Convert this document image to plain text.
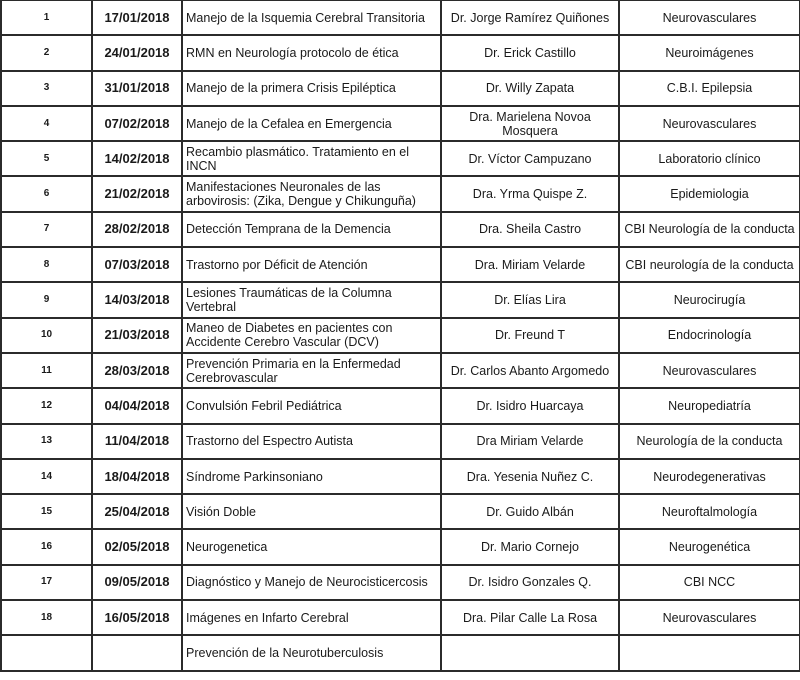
1	17/01/2018	Manejo de la Isquemia Cerebral Transitoria	Dr. Jorge Ramírez Quiñones	Neurovasculares
2	24/01/2018	RMN en Neurología protocolo de ética	Dr. Erick Castillo	Neuroimágenes
3	31/01/2018	Manejo de la primera Crisis Epiléptica	Dr. Willy Zapata	C.B.I. Epilepsia
4	07/02/2018	Manejo de la Cefalea en Emergencia	Dra. Marielena Novoa Mosquera	Neurovasculares
5	14/02/2018	Recambio plasmático. Tratamiento en el INCN	Dr. Víctor Campuzano	Laboratorio clínico
6	21/02/2018	Manifestaciones Neuronales de las arbovirosis: (Zika, Dengue y Chikunguña)	Dra. Yrma Quispe Z.	Epidemiologia
7	28/02/2018	Detección Temprana de la Demencia	Dra. Sheila Castro	CBI Neurología de la conducta
8	07/03/2018	Trastorno por Déficit de Atención	Dra. Miriam Velarde	CBI neurología de la conducta
9	14/03/2018	Lesiones Traumáticas de la Columna Vertebral	Dr. Elías Lira	Neurocirugía
10	21/03/2018	Maneo de Diabetes en pacientes con Accidente Cerebro Vascular (DCV)	Dr. Freund T	Endocrinología
11	28/03/2018	Prevención Primaria en la Enfermedad Cerebrovascular	Dr. Carlos Abanto Argomedo	Neurovasculares
12	04/04/2018	Convulsión Febril Pediátrica	Dr. Isidro Huarcaya	Neuropediatría
13	11/04/2018	Trastorno del Espectro Autista	Dra Miriam Velarde	Neurología de la conducta
14	18/04/2018	Síndrome Parkinsoniano	Dra. Yesenia Nuñez C.	Neurodegenerativas
15	25/04/2018	Visión Doble	Dr. Guido Albán	Neuroftalmología
16	02/05/2018	Neurogenetica	Dr. Mario Cornejo	Neurogenética
17	09/05/2018	Diagnóstico y Manejo de Neurocisticercosis	Dr. Isidro Gonzales Q.	CBI NCC
18	16/05/2018	Imágenes en Infarto Cerebral	Dra. Pilar Calle La Rosa	Neurovasculares
		Prevención de la Neurotuberculosis		
